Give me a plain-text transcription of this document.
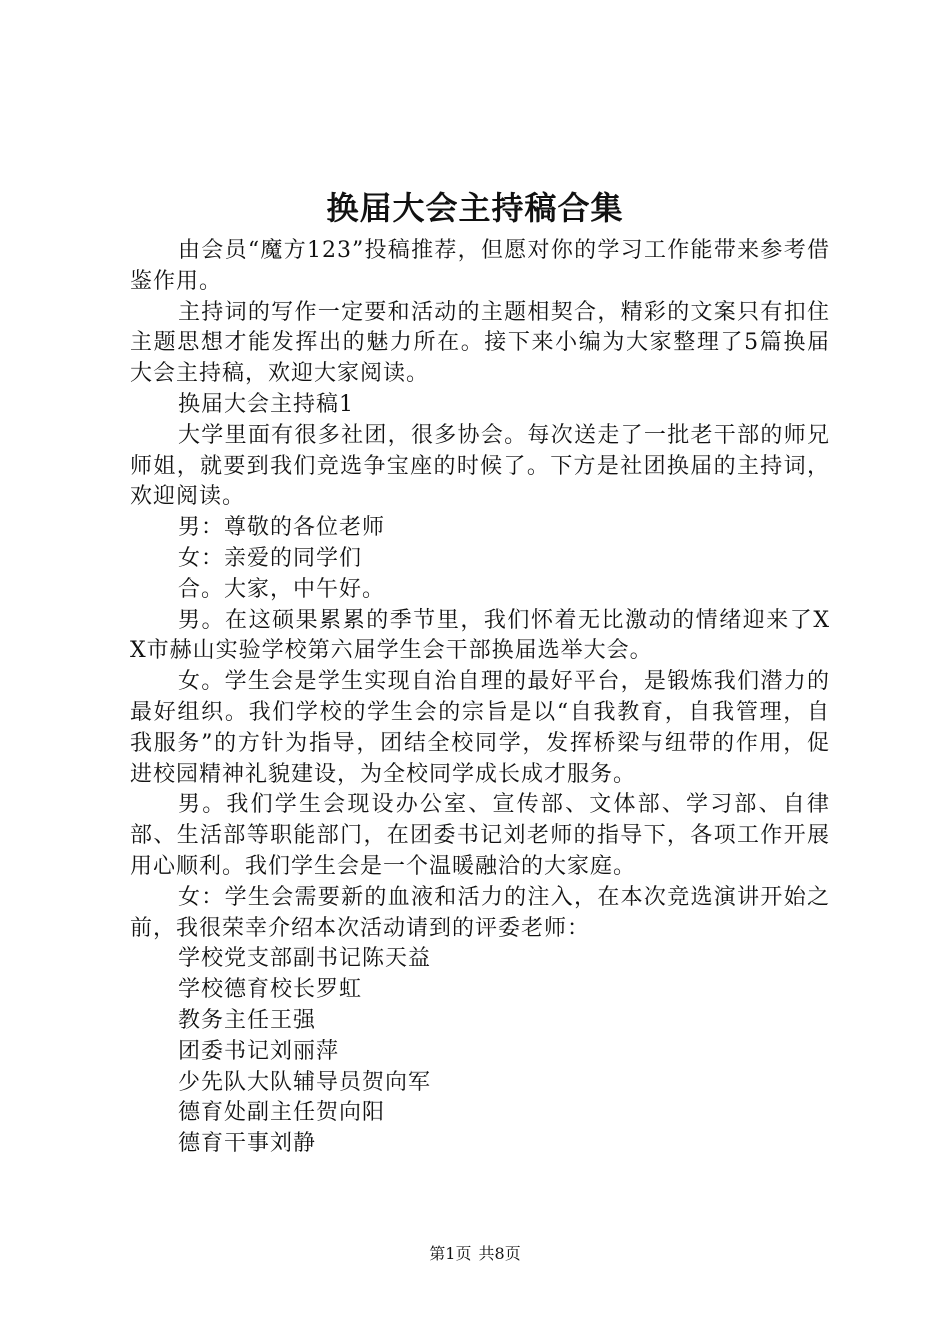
换届大会主持稿合集

由会员“魔方123”投稿推荐，但愿对你的学习工作能带来参考借鉴作用。

主持词的写作一定要和活动的主题相契合，精彩的文案只有扣住主题思想才能发挥出的魅力所在。接下来小编为大家整理了5篇换届大会主持稿，欢迎大家阅读。

换届大会主持稿1

大学里面有很多社团，很多协会。每次送走了一批老干部的师兄师姐，就要到我们竞选争宝座的时候了。下方是社团换届的主持词，欢迎阅读。

男：尊敬的各位老师

女：亲爱的同学们

合。大家，中午好。

男。在这硕果累累的季节里，我们怀着无比激动的情绪迎来了XX市赫山实验学校第六届学生会干部换届选举大会。

女。学生会是学生实现自治自理的最好平台，是锻炼我们潜力的最好组织。我们学校的学生会的宗旨是以“自我教育，自我管理，自我服务”的方针为指导，团结全校同学，发挥桥梁与纽带的作用，促进校园精神礼貌建设，为全校同学成长成才服务。

男。我们学生会现设办公室、宣传部、文体部、学习部、自律部、生活部等职能部门，在团委书记刘老师的指导下，各项工作开展用心顺利。我们学生会是一个温暖融洽的大家庭。

女：学生会需要新的血液和活力的注入，在本次竞选演讲开始之前，我很荣幸介绍本次活动请到的评委老师：

学校党支部副书记陈天益

学校德育校长罗虹

教务主任王强

团委书记刘丽萍

少先队大队辅导员贺向军

德育处副主任贺向阳

德育干事刘静

第1页 共8页
